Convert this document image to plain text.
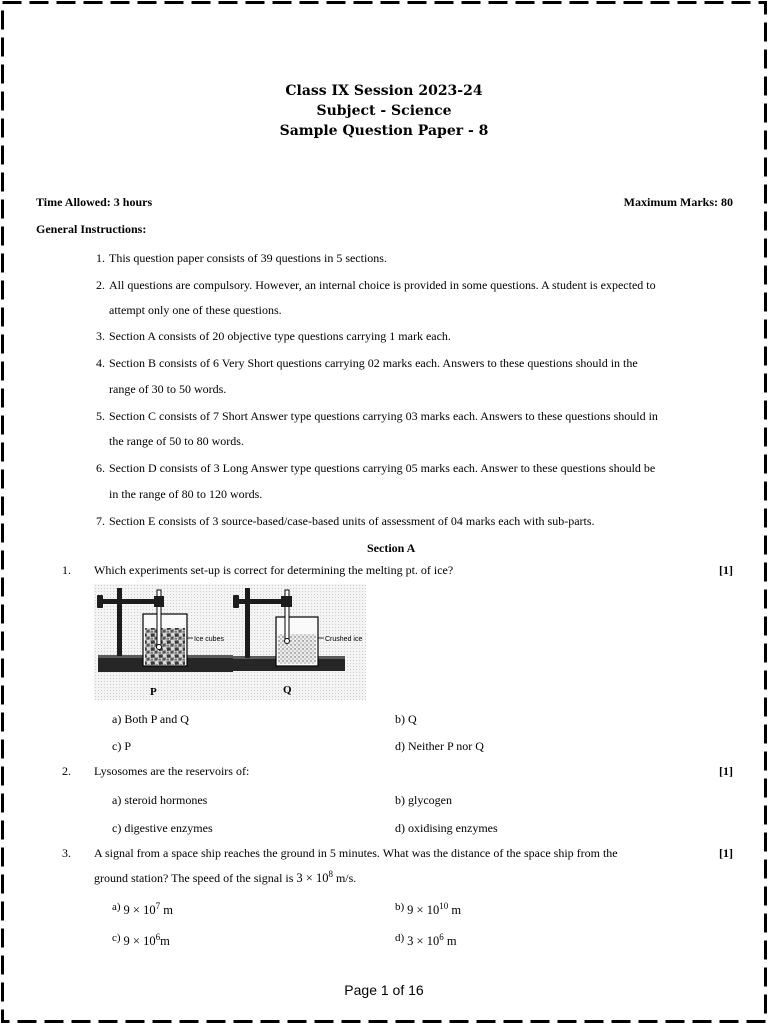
Class IX Session 2023-24
Subject - Science
Sample Question Paper - 8
Time Allowed: 3 hours	Maximum Marks: 80
General Instructions:
1. This question paper consists of 39 questions in 5 sections.
2. All questions are compulsory. However, an internal choice is provided in some questions. A student is expected to
attempt only one of these questions.
3. Section A consists of 20 objective type questions carrying 1 mark each.
4. Section B consists of 6 Very Short questions carrying 02 marks each. Answers to these questions should in the
range of 30 to 50 words.
5. Section C consists of 7 Short Answer type questions carrying 03 marks each. Answers to these questions should in
the range of 50 to 80 words.
6. Section D consists of 3 Long Answer type questions carrying 05 marks each. Answer to these questions should be
in the range of 80 to 120 words.
7. Section E consists of 3 source-based/case-based units of assessment of 04 marks each with sub-parts.
Section A
1. Which experiments set-up is correct for determining the melting pt. of ice?	[1]
Ice cubes
P
Crushed ice
Q
a) Both P and Q	b) Q
c) P	d) Neither P nor Q
2. Lysosomes are the reservoirs of:	[1]
a) steroid hormones	b) glycogen
c) digestive enzymes	d) oxidising enzymes
3. A signal from a space ship reaches the ground in 5 minutes. What was the distance of the space ship from the	[1]
ground station? The speed of the signal is $3 \times 10^8$ m/s.
a) $9 \times 10^7$ m	b) $9 \times 10^{10}$ m
c) $9 \times 10^6m$	d) $3 \times 10^6$ m
Page 1 of 16
